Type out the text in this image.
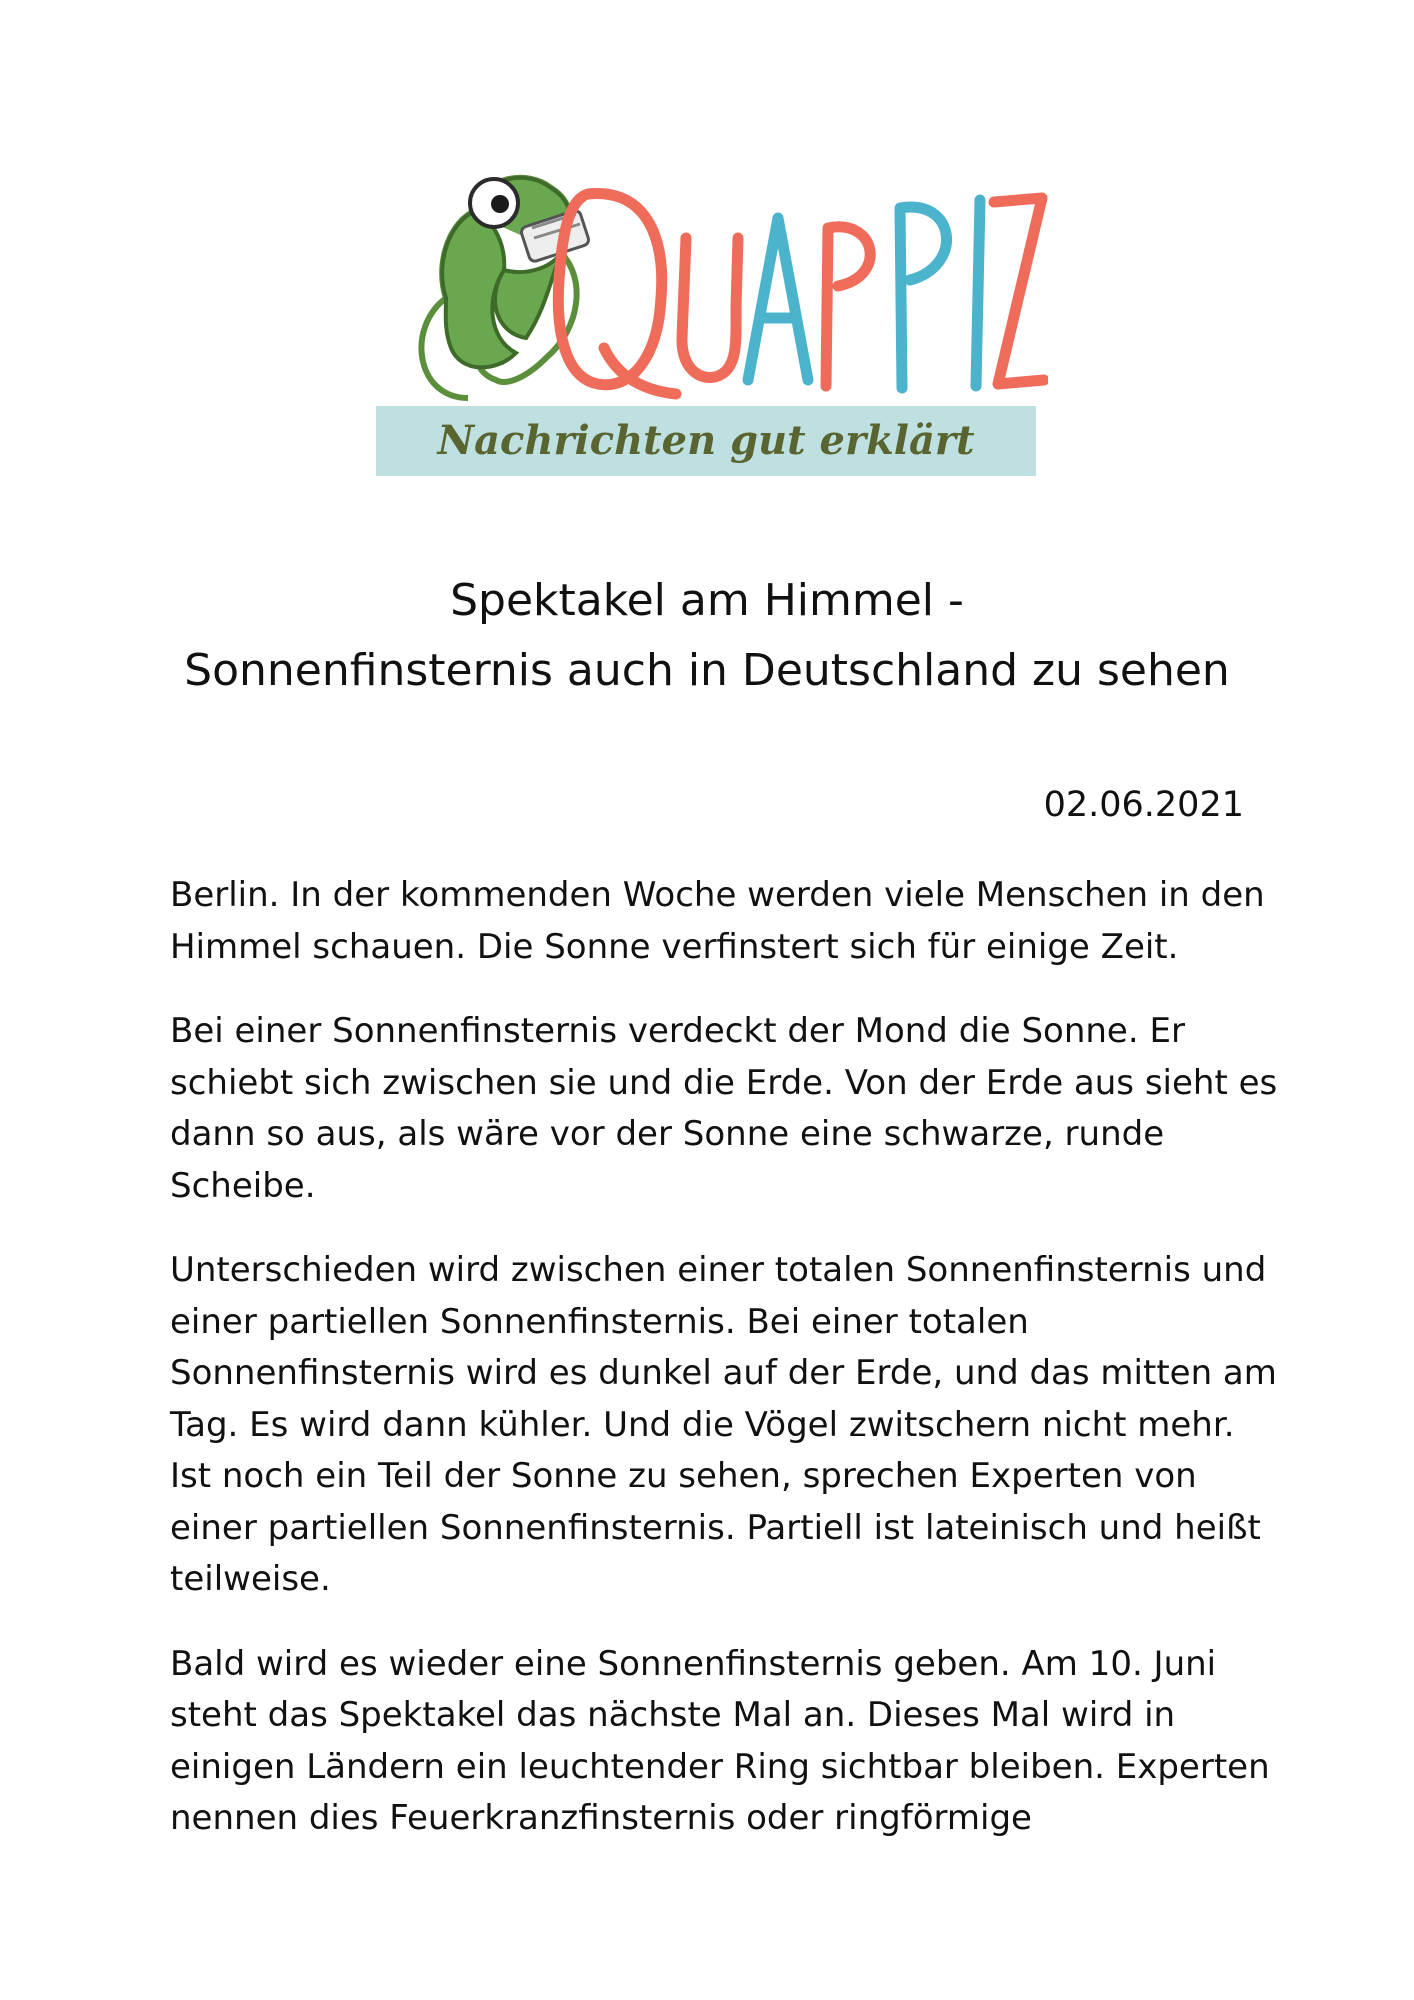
Nachrichten gut erklärt
Spektakel am Himmel -
Sonnenfinsternis auch in Deutschland zu sehen
02.06.2021

Berlin. In der kommenden Woche werden viele Menschen in den
Himmel schauen. Die Sonne verfinstert sich für einige Zeit.

Bei einer Sonnenfinsternis verdeckt der Mond die Sonne. Er
schiebt sich zwischen sie und die Erde. Von der Erde aus sieht es
dann so aus, als wäre vor der Sonne eine schwarze, runde
Scheibe.

Unterschieden wird zwischen einer totalen Sonnenfinsternis und
einer partiellen Sonnenfinsternis. Bei einer totalen
Sonnenfinsternis wird es dunkel auf der Erde, und das mitten am
Tag. Es wird dann kühler. Und die Vögel zwitschern nicht mehr.
Ist noch ein Teil der Sonne zu sehen, sprechen Experten von
einer partiellen Sonnenfinsternis. Partiell ist lateinisch und heißt
teilweise.

Bald wird es wieder eine Sonnenfinsternis geben. Am 10. Juni
steht das Spektakel das nächste Mal an. Dieses Mal wird in
einigen Ländern ein leuchtender Ring sichtbar bleiben. Experten
nennen dies Feuerkranzfinsternis oder ringförmige
